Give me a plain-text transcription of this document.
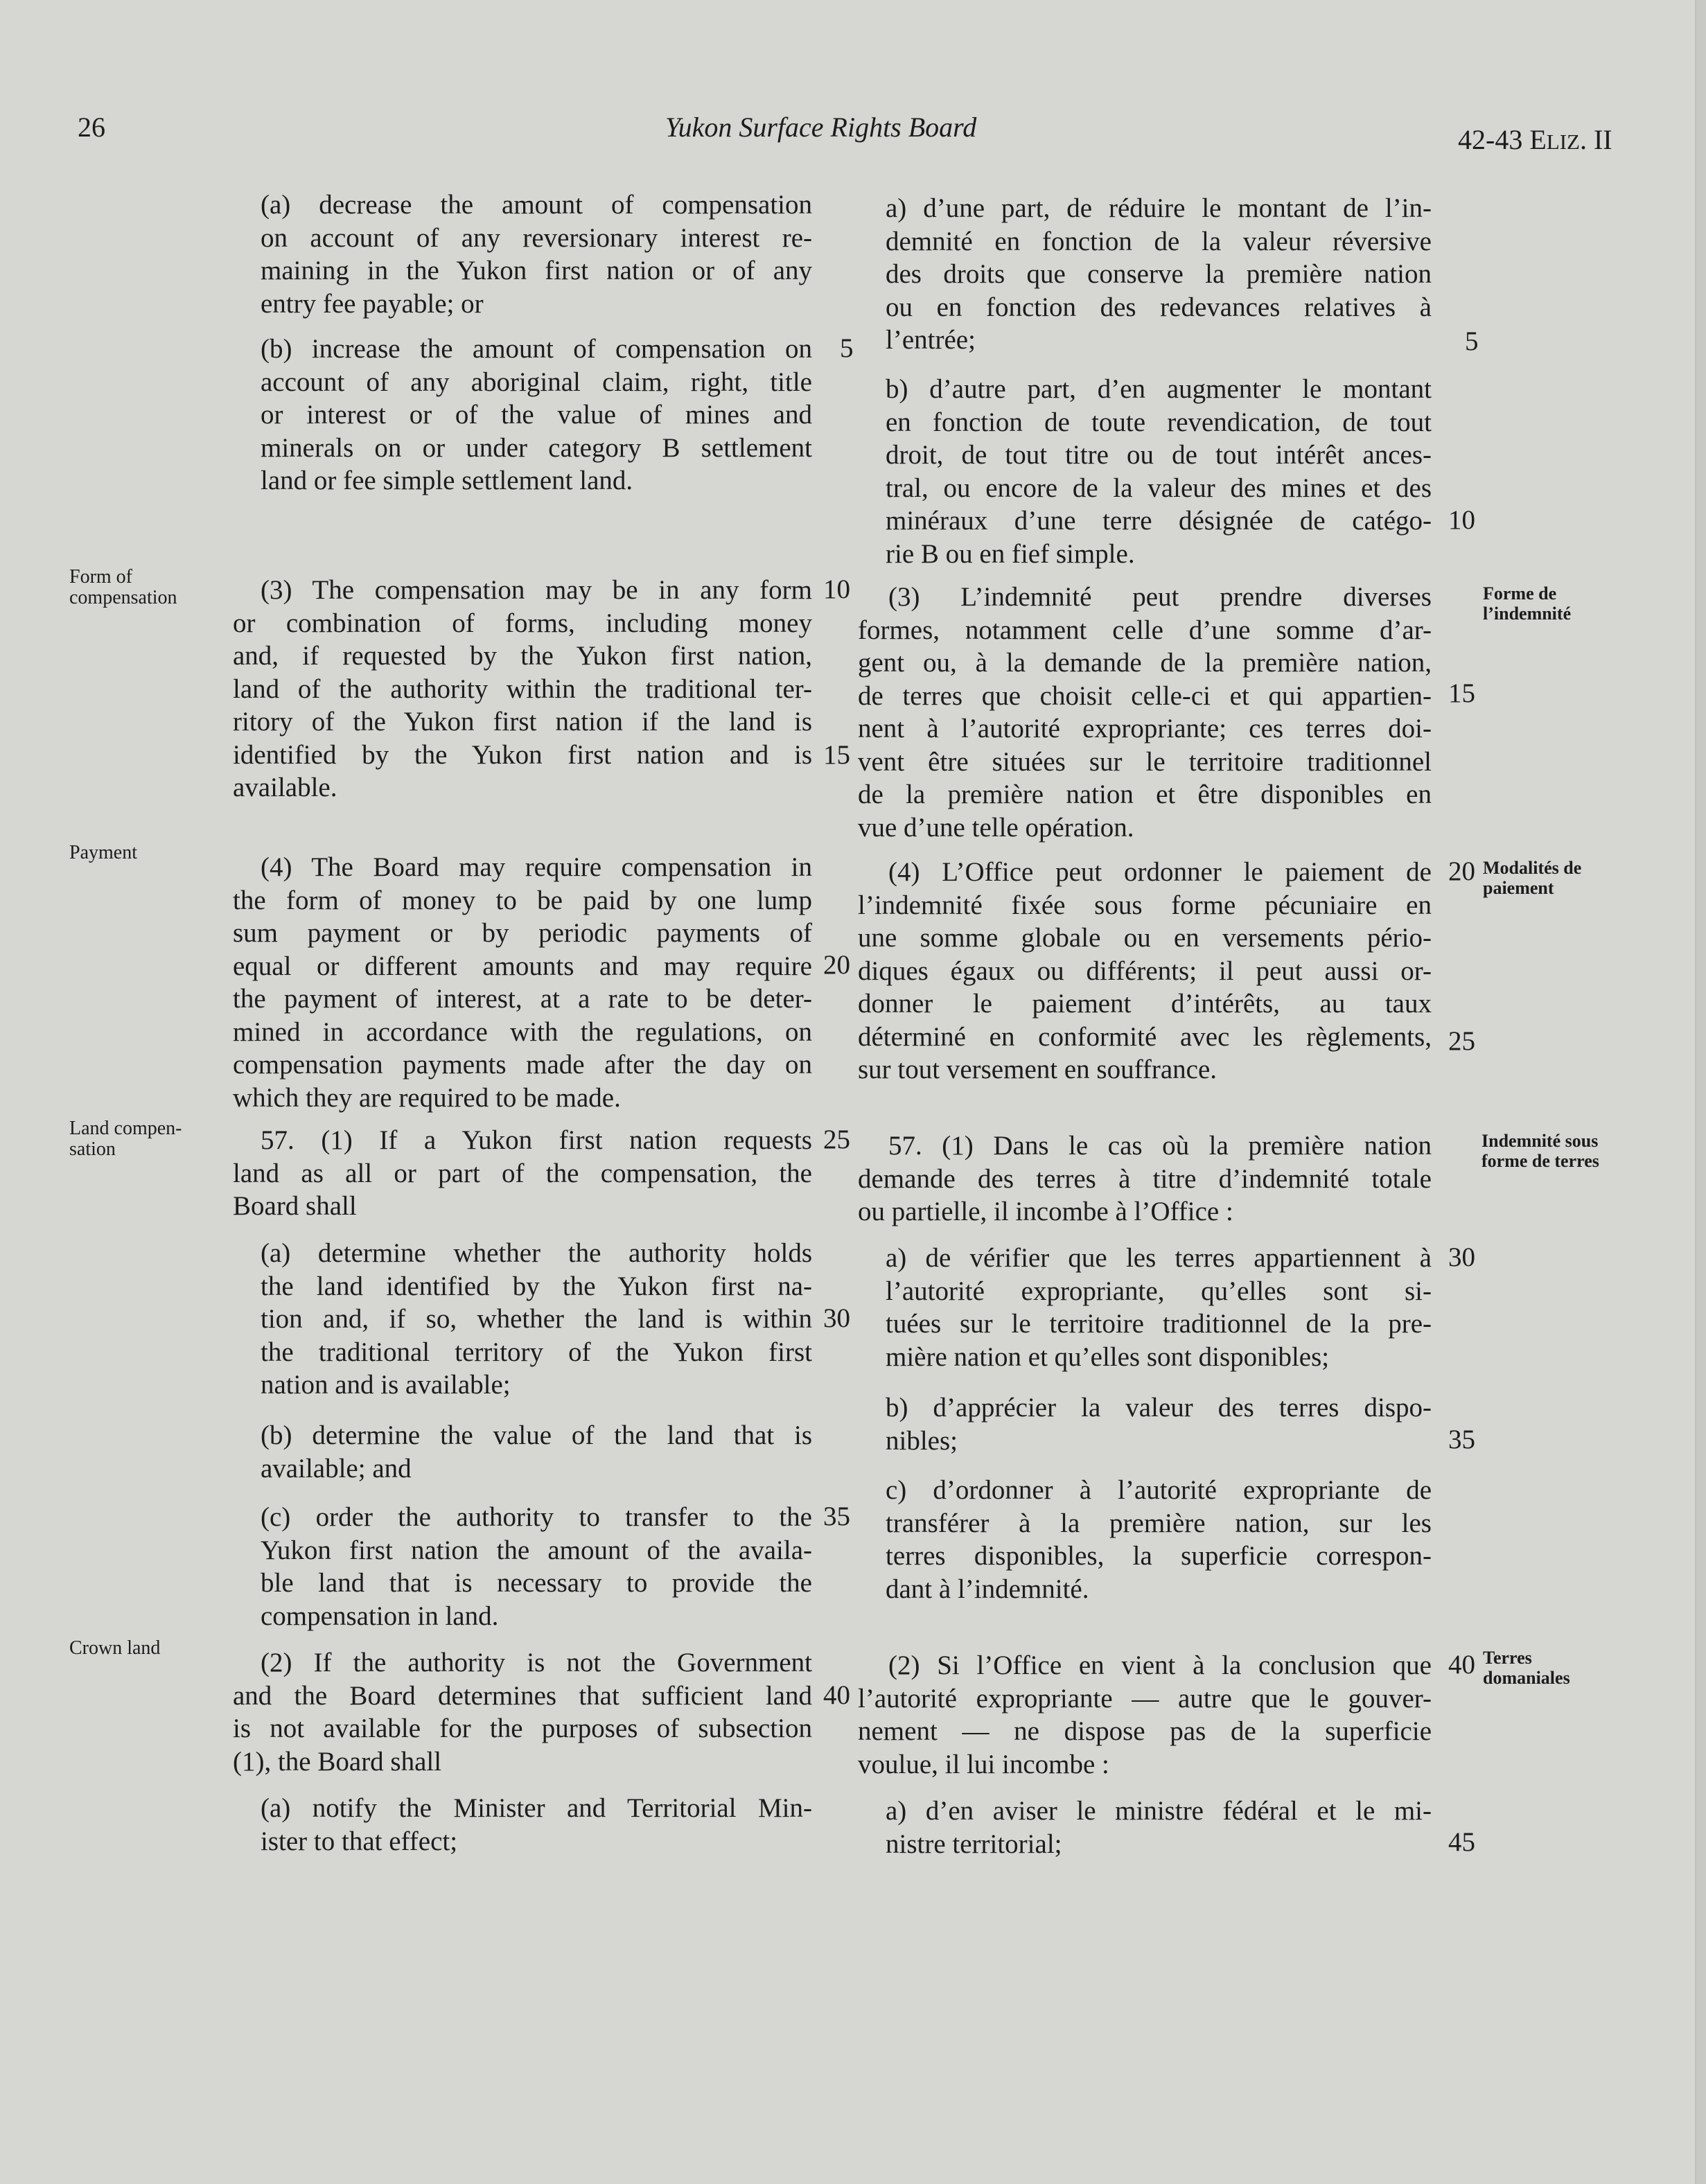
26	Yukon Surface Rights Board	42-43 ELIZ. II
(a) decrease the amount of compensation
on account of any reversionary interest re-
maining in the Yukon first nation or of any
entry fee payable; or
(b) increase the amount of compensation on
account of any aboriginal claim, right, title
or interest or of the value of mines and
minerals on or under category B settlement
land or fee simple settlement land.
(3) The compensation may be in any form
or combination of forms, including money
and, if requested by the Yukon first nation,
land of the authority within the traditional ter-
ritory of the Yukon first nation if the land is
identified by the Yukon first nation and is
available.
(4) The Board may require compensation in
the form of money to be paid by one lump
sum payment or by periodic payments of
equal or different amounts and may require
the payment of interest, at a rate to be deter-
mined in accordance with the regulations, on
compensation payments made after the day on
which they are required to be made.
57. (1) If a Yukon first nation requests
land as all or part of the compensation, the
Board shall
(a) determine whether the authority holds
the land identified by the Yukon first na-
tion and, if so, whether the land is within
the traditional territory of the Yukon first
nation and is available;
(b) determine the value of the land that is
available; and
(c) order the authority to transfer to the
Yukon first nation the amount of the availa-
ble land that is necessary to provide the
compensation in land.
(2) If the authority is not the Government
and the Board determines that sufficient land
is not available for the purposes of subsection
(1), the Board shall
(a) notify the Minister and Territorial Min-
ister to that effect;
a) d’une part, de réduire le montant de l’in-
demnité en fonction de la valeur réversive
des droits que conserve la première nation
ou en fonction des redevances relatives à
l’entrée;
b) d’autre part, d’en augmenter le montant
en fonction de toute revendication, de tout
droit, de tout titre ou de tout intérêt ances-
tral, ou encore de la valeur des mines et des
minéraux d’une terre désignée de catégo-
rie B ou en fief simple.
(3) L’indemnité peut prendre diverses
formes, notamment celle d’une somme d’ar-
gent ou, à la demande de la première nation,
de terres que choisit celle-ci et qui appartien-
nent à l’autorité expropriante; ces terres doi-
vent être situées sur le territoire traditionnel
de la première nation et être disponibles en
vue d’une telle opération.
(4) L’Office peut ordonner le paiement de
l’indemnité fixée sous forme pécuniaire en
une somme globale ou en versements pério-
diques égaux ou différents; il peut aussi or-
donner le paiement d’intérêts, au taux
déterminé en conformité avec les règlements,
sur tout versement en souffrance.
57. (1) Dans le cas où la première nation
demande des terres à titre d’indemnité totale
ou partielle, il incombe à l’Office :
a) de vérifier que les terres appartiennent à
l’autorité expropriante, qu’elles sont si-
tuées sur le territoire traditionnel de la pre-
mière nation et qu’elles sont disponibles;
b) d’apprécier la valeur des terres dispo-
nibles;
c) d’ordonner à l’autorité expropriante de
transférer à la première nation, sur les
terres disponibles, la superficie correspon-
dant à l’indemnité.
(2) Si l’Office en vient à la conclusion que
l’autorité expropriante — autre que le gouver-
nement — ne dispose pas de la superficie
voulue, il lui incombe :
a) d’en aviser le ministre fédéral et le mi-
nistre territorial;
Form of
compensation
Payment
Land compen-
sation
Crown land
Forme de
l’indemnité
Modalités de
paiement
Indemnité sous
forme de terres
Terres
domaniales
5
10
15
20
25
30
35
40
5
10
15
20
25
30
35
40
45
